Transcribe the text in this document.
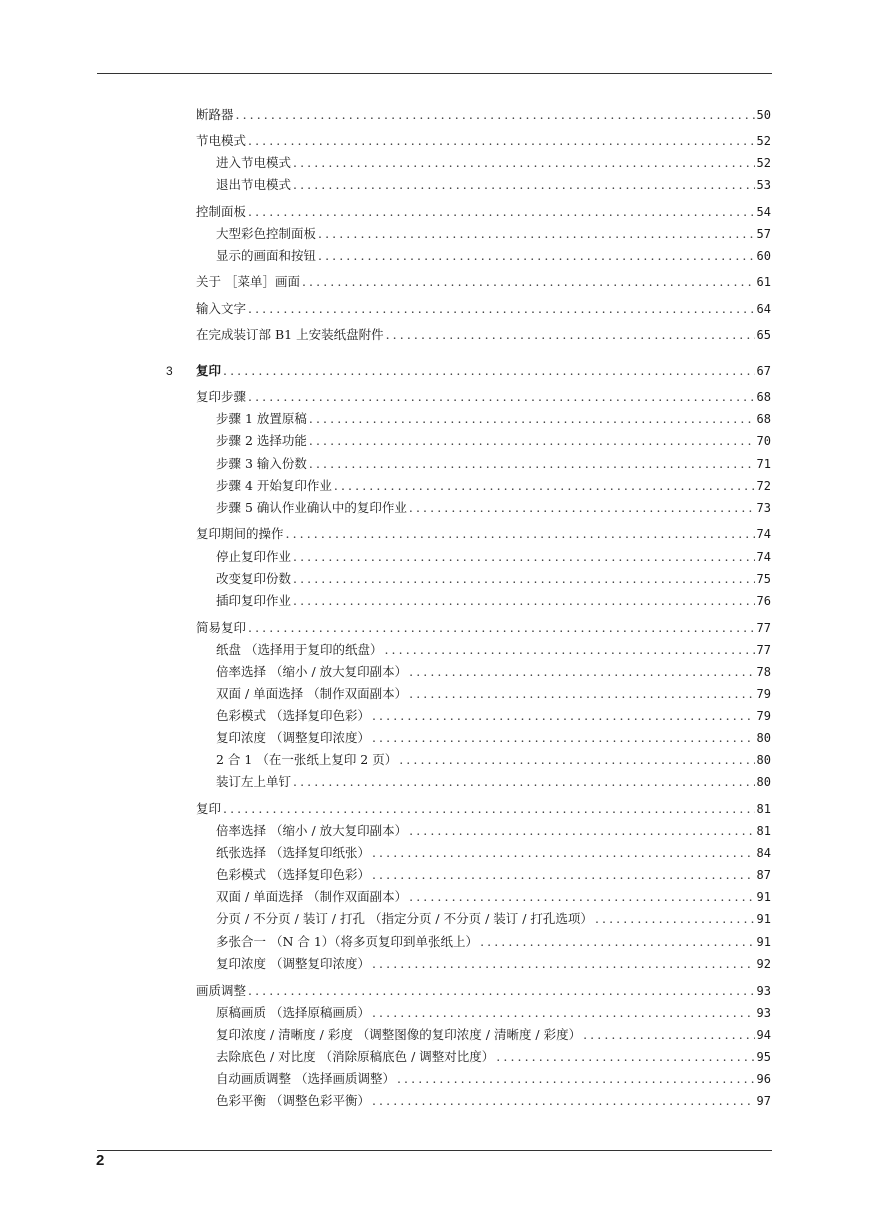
断路器 .....	50
节电模式 .....	52
进入节电模式 .....	52
退出节电模式 .....	53
控制面板 .....	54
大型彩色控制面板 .....	57
显示的画面和按钮 .....	60
关于 ［菜单］画面 .....	61
输入文字 .....	64
在完成装订部 B1 上安装纸盘附件 .....	65
3 复印 .....	67
复印步骤 .....	68
步骤 1 放置原稿 .....	68
步骤 2 选择功能 .....	70
步骤 3 输入份数 .....	71
步骤 4 开始复印作业 .....	72
步骤 5 确认作业确认中的复印作业 .....	73
复印期间的操作 .....	74
停止复印作业 .....	74
改变复印份数 .....	75
插印复印作业 .....	76
简易复印 .....	77
纸盘 （选择用于复印的纸盘） .....	77
倍率选择 （缩小 / 放大复印副本） .....	78
双面 / 单面选择 （制作双面副本） .....	79
色彩模式 （选择复印色彩） .....	79
复印浓度 （调整复印浓度） .....	80
2 合 1 （在一张纸上复印 2 页） .....	80
装订左上单钉 .....	80
复印 .....	81
倍率选择 （缩小 / 放大复印副本） .....	81
纸张选择 （选择复印纸张） .....	84
色彩模式 （选择复印色彩） .....	87
双面 / 单面选择 （制作双面副本） .....	91
分页 / 不分页 / 装订 / 打孔 （指定分页 / 不分页 / 装订 / 打孔选项） .....	91
多张合一 （N 合 1）（将多页复印到单张纸上） .....	91
复印浓度 （调整复印浓度） .....	92
画质调整 .....	93
原稿画质 （选择原稿画质） .....	93
复印浓度 / 清晰度 / 彩度 （调整图像的复印浓度 / 清晰度 / 彩度） .....	94
去除底色 / 对比度 （消除原稿底色 / 调整对比度） .....	95
自动画质调整 （选择画质调整） .....	96
色彩平衡 （调整色彩平衡） .....	97
2
